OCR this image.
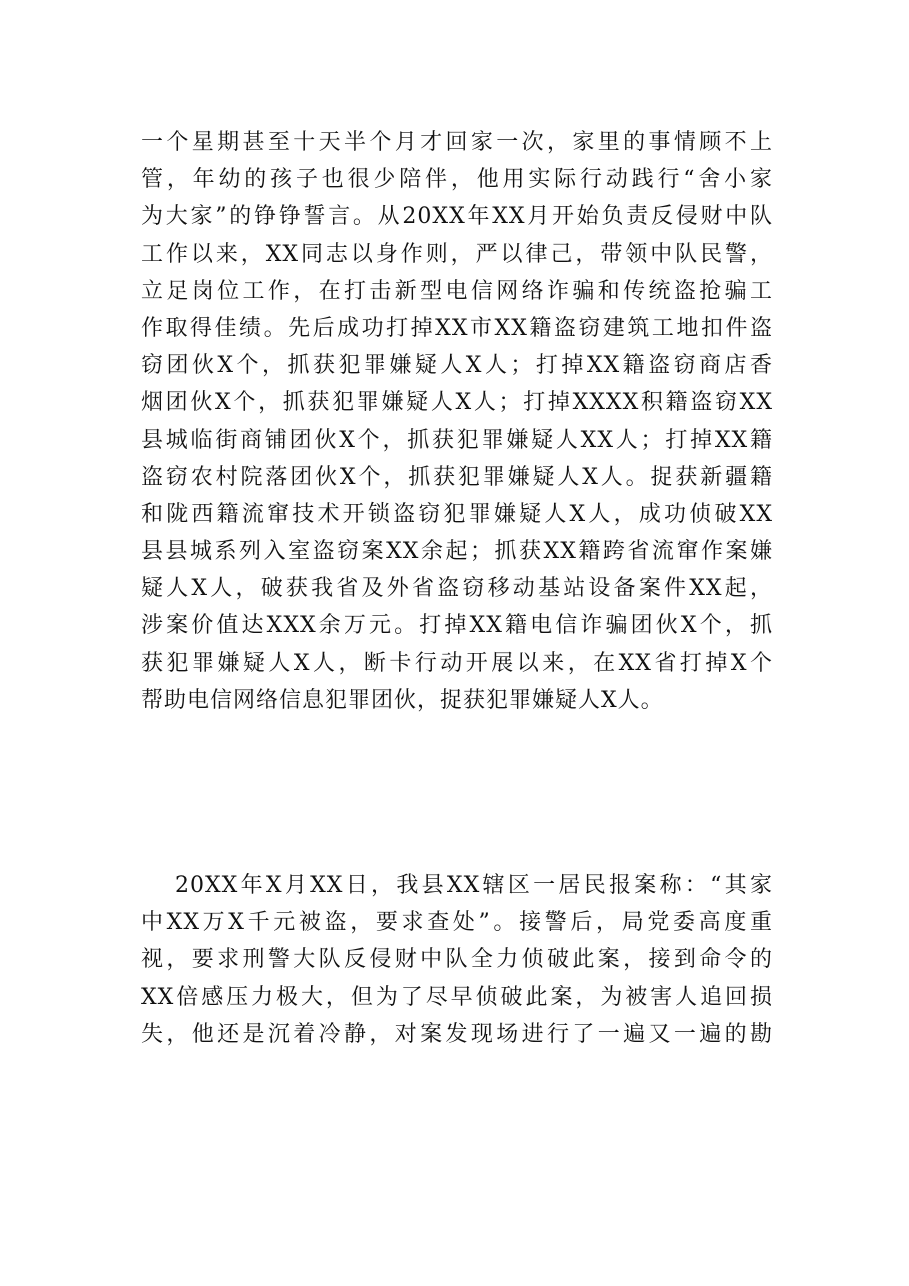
一个星期甚至十天半个月才回家一次，家里的事情顾不上
管，年幼的孩子也很少陪伴，他用实际行动践行“舍小家
为大家”的铮铮誓言。从20XX年XX月开始负责反侵财中队
工作以来，XX同志以身作则，严以律己，带领中队民警，
立足岗位工作，在打击新型电信网络诈骗和传统盗抢骗工
作取得佳绩。先后成功打掉XX市XX籍盗窃建筑工地扣件盗
窃团伙X个，抓获犯罪嫌疑人X人；打掉XX籍盗窃商店香
烟团伙X个，抓获犯罪嫌疑人X人；打掉XXXX积籍盗窃XX
县城临街商铺团伙X个，抓获犯罪嫌疑人XX人；打掉XX籍
盗窃农村院落团伙X个，抓获犯罪嫌疑人X人。捉获新疆籍
和陇西籍流窜技术开锁盗窃犯罪嫌疑人X人，成功侦破XX
县县城系列入室盗窃案XX余起；抓获XX籍跨省流窜作案嫌
疑人X人，破获我省及外省盗窃移动基站设备案件XX起，
涉案价值达XXX余万元。打掉XX籍电信诈骗团伙X个，抓
获犯罪嫌疑人X人，断卡行动开展以来，在XX省打掉X个
帮助电信网络信息犯罪团伙，捉获犯罪嫌疑人X人。
20XX年X月XX日，我县XX辖区一居民报案称：“其家
中XX万X千元被盗，要求查处”。接警后，局党委高度重
视，要求刑警大队反侵财中队全力侦破此案，接到命令的
XX倍感压力极大，但为了尽早侦破此案，为被害人追回损
失，他还是沉着冷静，对案发现场进行了一遍又一遍的勘
